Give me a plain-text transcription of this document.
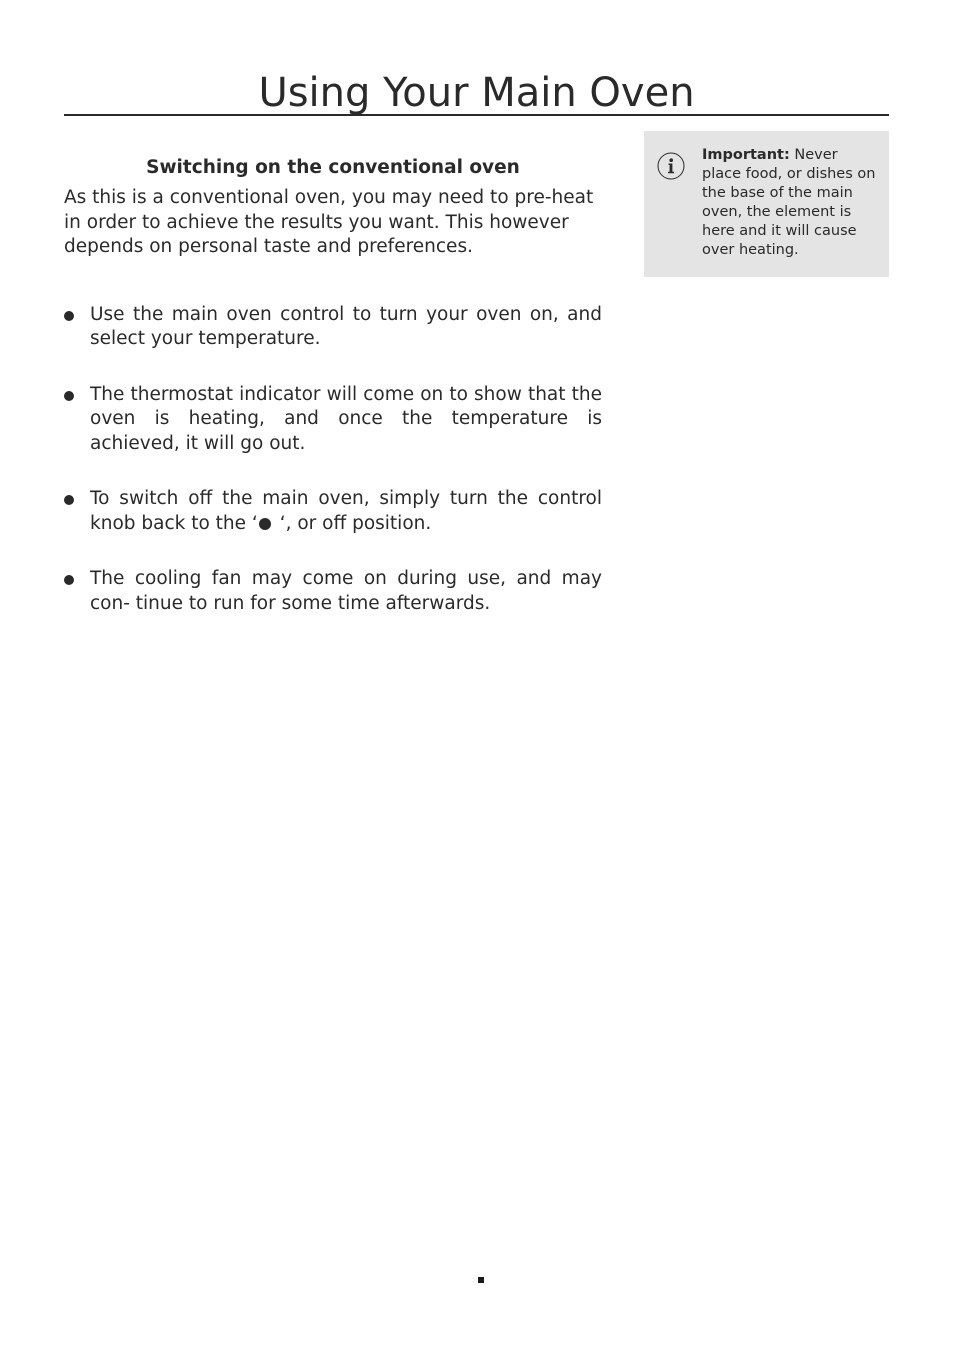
Using Your Main Oven
Switching on the conventional oven

As this is a conventional oven, you may need to pre-heat in order to achieve the results you want. This however depends on personal taste and preferences.

Use the main oven control to turn your oven on, and select your temperature.
The thermostat indicator will come on to show that the oven is heating, and once the temperature is achieved, it will go out.
To switch off the main oven, simply turn the control knob back to the ‘ ‘, or off position.
The cooling fan may come on during use, and may con- tinue to run for some time afterwards.
Important: Never place food, or dishes on the base of the main oven, the element is here and it will cause over heating.
